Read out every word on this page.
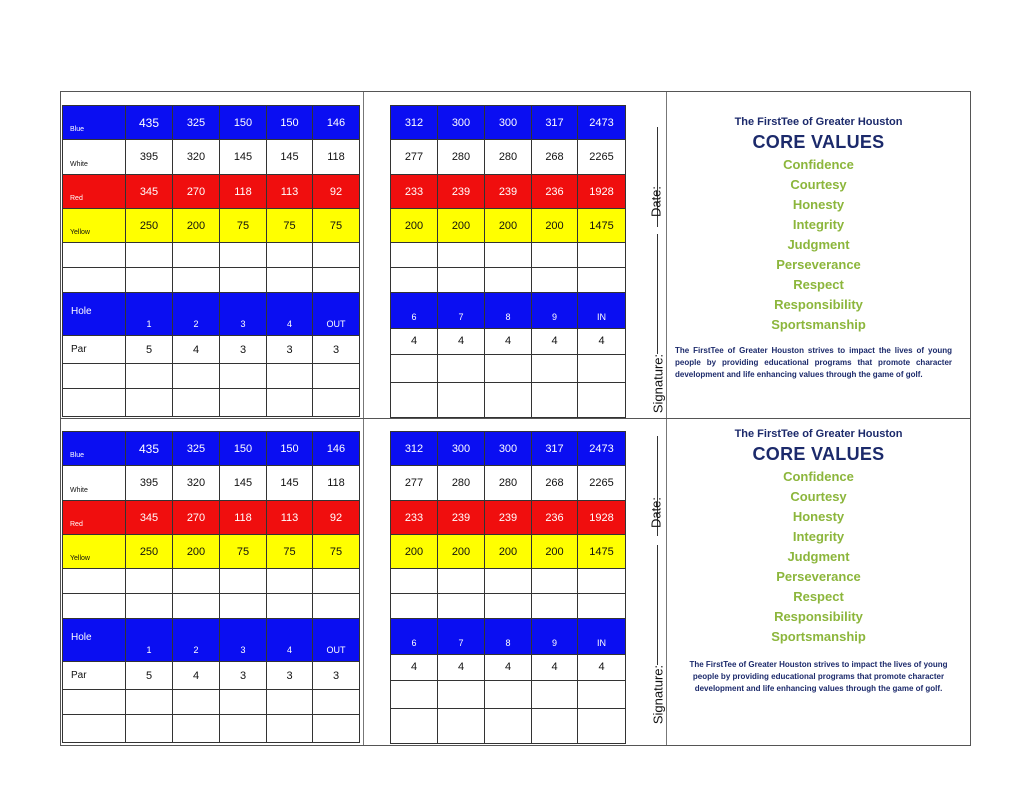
Blue	435	325	150	150	146
White	395	320	145	145	118
Red	345	270	118	113	92
Yellow	250	200	75	75	75

Hole	1	2	3	4	OUT
Par	5	4	3	3	3

312	300	300	317	2473
277	280	280	268	2265
233	239	239	236	1928
200	200	200	200	1475

6	7	8	9	IN
4	4	4	4	4

Date:
Signature:
The FirstTee of Greater Houston
CORE VALUES
Confidence
Courtesy
Honesty
Integrity
Judgment
Perseverance
Respect
Responsibility
Sportsmanship
The FirstTee of Greater Houston strives to impact the lives of young people by providing educational programs that promote character development and life enhancing values through the game of golf.
Blue	435	325	150	150	146
White	395	320	145	145	118
Red	345	270	118	113	92
Yellow	250	200	75	75	75

Hole	1	2	3	4	OUT
Par	5	4	3	3	3

312	300	300	317	2473
277	280	280	268	2265
233	239	239	236	1928
200	200	200	200	1475

6	7	8	9	IN
4	4	4	4	4

Date:
Signature:
The FirstTee of Greater Houston
CORE VALUES
Confidence
Courtesy
Honesty
Integrity
Judgment
Perseverance
Respect
Responsibility
Sportsmanship
The FirstTee of Greater Houston strives to impact the lives of young people by providing educational programs that promote character development and life enhancing values through the game of golf.
